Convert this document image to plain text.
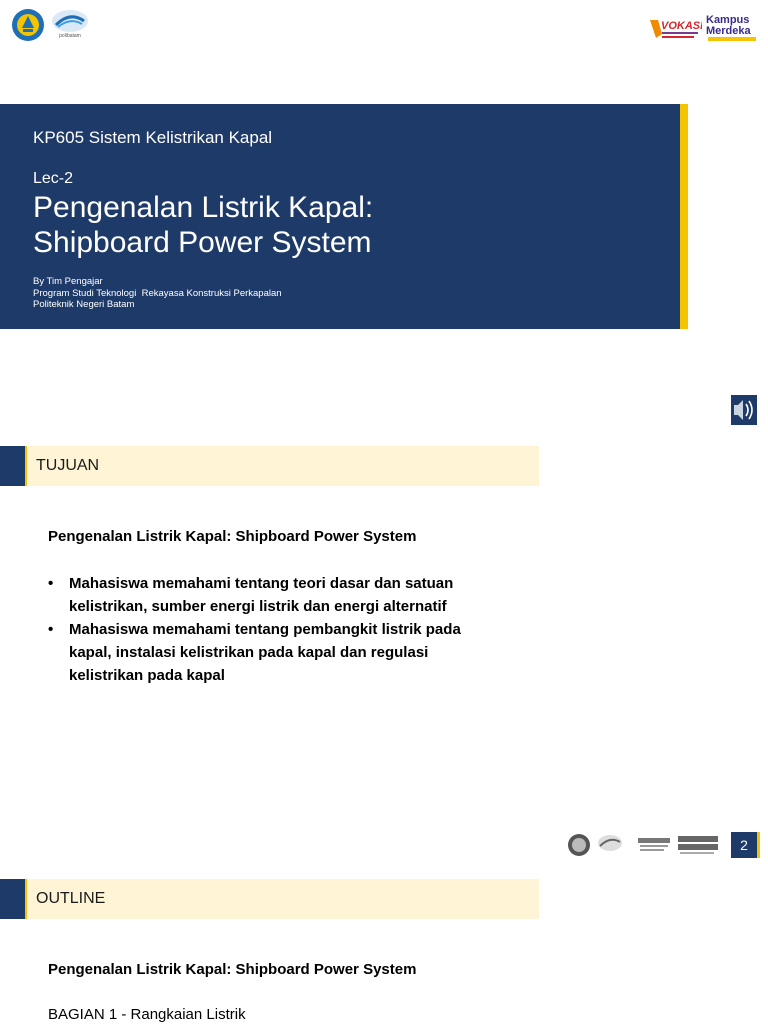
polibatam
VOKASI Kampus
Merdeka
KP605 Sistem Kelistrikan Kapal
Lec-2
Pengenalan Listrik Kapal:
Shipboard Power System
By Tim Pengajar
Program Studi Teknologi  Rekayasa Konstruksi Perkapalan
Politeknik Negeri Batam
TUJUAN
Pengenalan Listrik Kapal: Shipboard Power System
• Mahasiswa memahami tentang teori dasar dan satuan
kelistrikan, sumber energi listrik dan energi alternatif
• Mahasiswa memahami tentang pembangkit listrik pada
kapal, instalasi kelistrikan pada kapal dan regulasi
kelistrikan pada kapal
2
OUTLINE
Pengenalan Listrik Kapal: Shipboard Power System
BAGIAN 1 - Rangkaian Listrik
